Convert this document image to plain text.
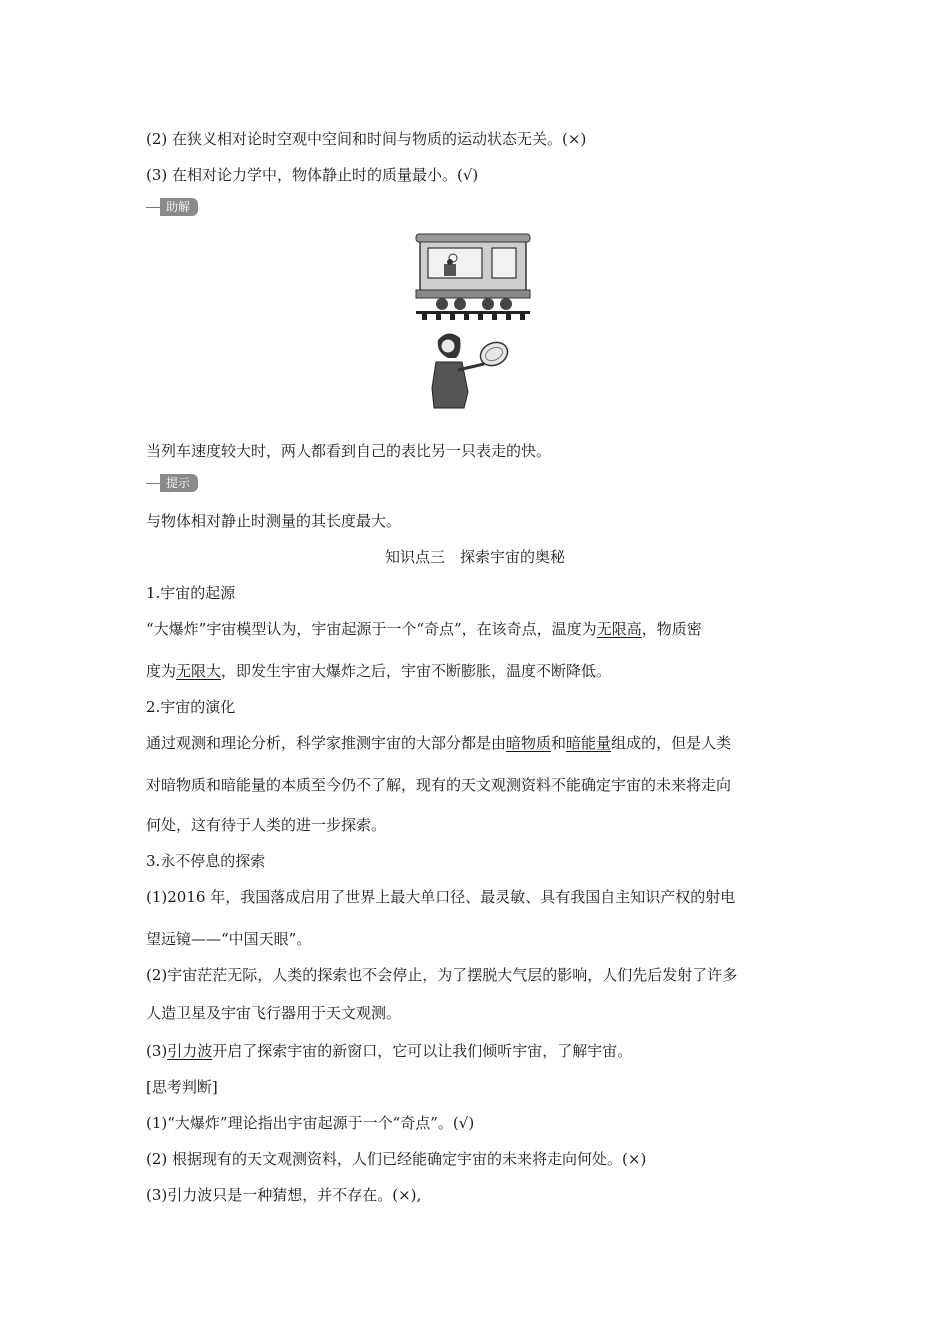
(2) 在狭义相对论时空观中空间和时间与物质的运动状态无关。(×)
(3) 在相对论力学中，物体静止时的质量最小。(√)
助解
当列车速度较大时，两人都看到自己的表比另一只表走的快。
提示
与物体相对静止时测量的其长度最大。
知识点三　探索宇宙的奥秘
1.宇宙的起源
“大爆炸”宇宙模型认为，宇宙起源于一个“奇点”，在该奇点，温度为无限高，物质密
度为无限大，即发生宇宙大爆炸之后，宇宙不断膨胀，温度不断降低。
2.宇宙的演化
通过观测和理论分析，科学家推测宇宙的大部分都是由暗物质和暗能量组成的，但是人类
对暗物质和暗能量的本质至今仍不了解，现有的天文观测资料不能确定宇宙的未来将走向
何处，这有待于人类的进一步探索。
3.永不停息的探索
(1)2016 年，我国落成启用了世界上最大单口径、最灵敏、具有我国自主知识产权的射电
望远镜——“中国天眼”。
(2)宇宙茫茫无际，人类的探索也不会停止，为了摆脱大气层的影响，人们先后发射了许多
人造卫星及宇宙飞行器用于天文观测。
(3)引力波开启了探索宇宙的新窗口，它可以让我们倾听宇宙，了解宇宙。
[思考判断]
(1)“大爆炸”理论指出宇宙起源于一个“奇点”。(√)
(2) 根据现有的天文观测资料，人们已经能确定宇宙的未来将走向何处。(×)
(3)引力波只是一种猜想，并不存在。(×),
